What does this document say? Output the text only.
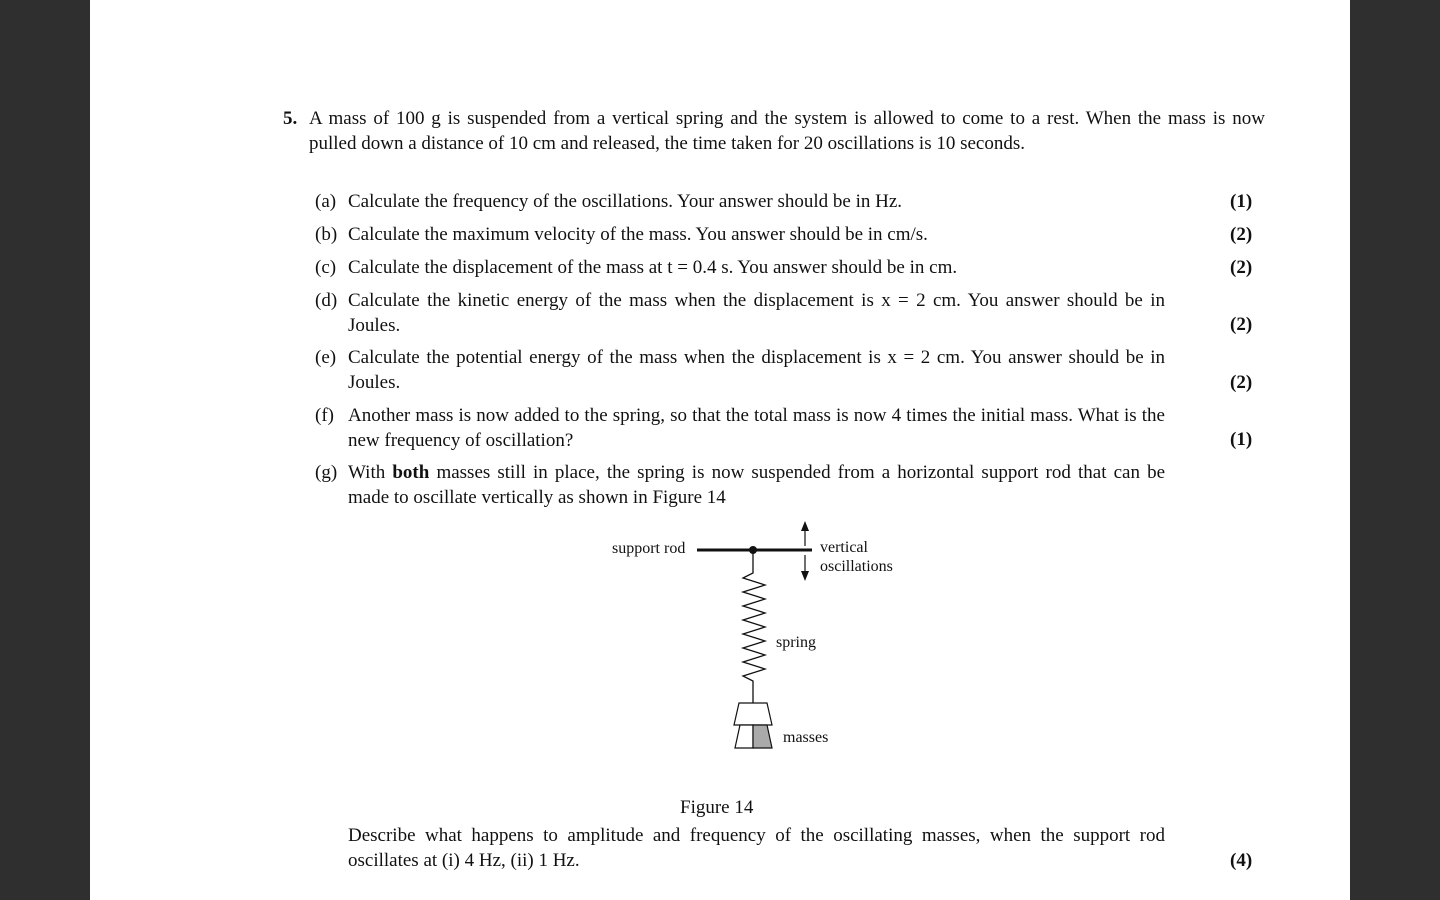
5. A mass of 100 g is suspended from a vertical spring and the system is allowed to come to a rest. When the mass is now pulled down a distance of 10 cm and released, the time taken for 20 oscillations is 10 seconds.
(a) Calculate the frequency of the oscillations. Your answer should be in Hz.	(1)
(b) Calculate the maximum velocity of the mass. You answer should be in cm/s.	(2)
(c) Calculate the displacement of the mass at t = 0.4 s. You answer should be in cm.	(2)
(d) Calculate the kinetic energy of the mass when the displacement is x = 2 cm. You answer should be in Joules.	(2)
(e) Calculate the potential energy of the mass when the displacement is x = 2 cm. You answer should be in Joules.	(2)
(f) Another mass is now added to the spring, so that the total mass is now 4 times the initial mass. What is the new frequency of oscillation?	(1)
(g) With both masses still in place, the spring is now suspended from a horizontal support rod that can be made to oscillate vertically as shown in Figure 14
support rod	vertical
oscillations
spring
masses
Figure 14
Describe what happens to amplitude and frequency of the oscillating masses, when the support rod oscillates at (i) 4 Hz, (ii) 1 Hz.	(4)
